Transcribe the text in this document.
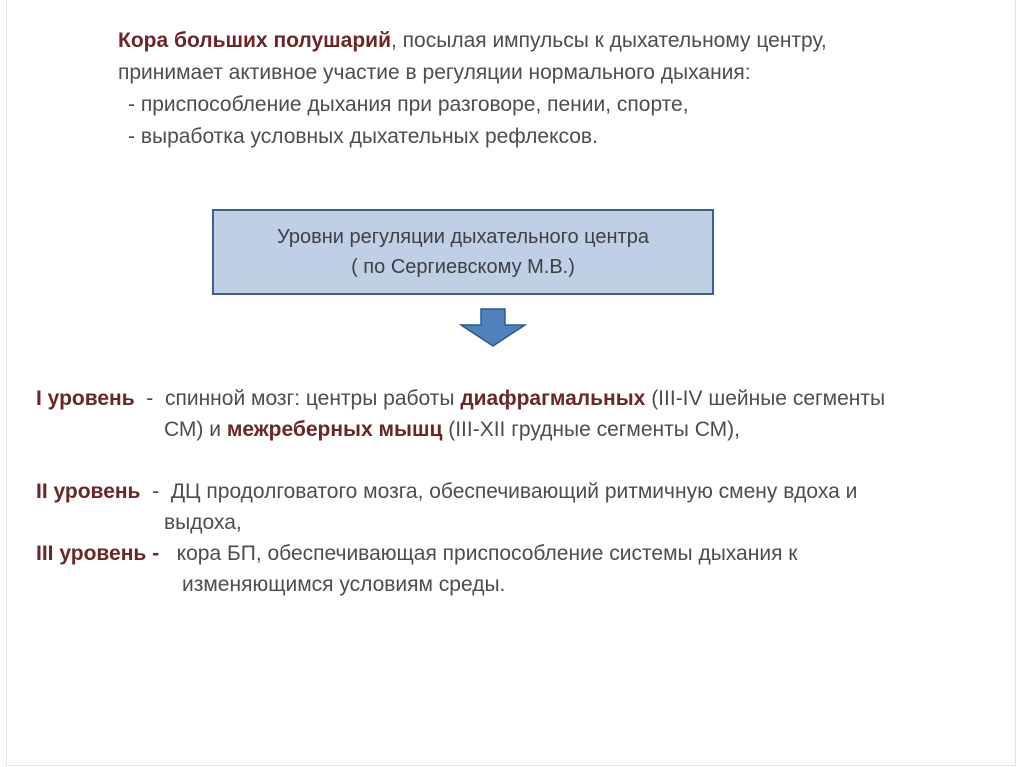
Кора больших полушарий, посылая импульсы к дыхательному центру,
принимает активное участие в регуляции нормального дыхания:
- приспособление дыхания при разговоре, пении, спорте,
- выработка условных дыхательных рефлексов.
Уровни регуляции дыхательного центра
( по Сергиевскому М.В.)
I уровень  -  спинной мозг: центры работы диафрагмальных (III-IV шейные сегменты
СМ) и межреберных мышц (III-XII грудные сегменты СМ),
II уровень  -  ДЦ продолговатого мозга, обеспечивающий ритмичную смену вдоха и
выдоха,
III уровень - кора БП, обеспечивающая приспособление системы дыхания к
изменяющимся условиям среды.
